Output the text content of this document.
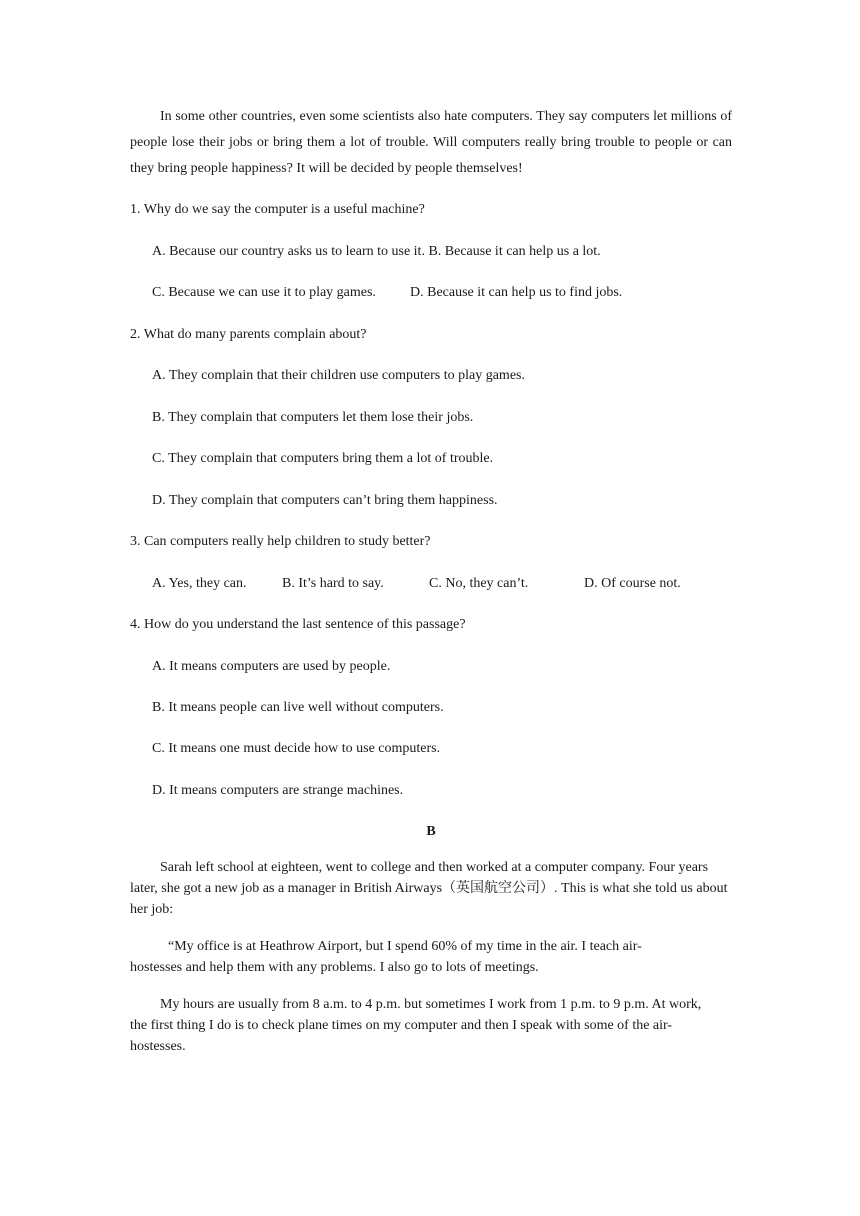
In some other countries, even some scientists also hate computers. They say computers let millions of people lose their jobs or bring them a lot of trouble. Will computers really bring trouble to people or can they bring people happiness? It will be decided by people themselves!

1. Why do we say the computer is a useful machine?
A. Because our country asks us to learn to use it. B. Because it can help us a lot.
C. Because we can use it to play games. D. Because it can help us to find jobs.
2. What do many parents complain about?
A. They complain that their children use computers to play games.
B. They complain that computers let them lose their jobs.
C. They complain that computers bring them a lot of trouble.
D. They complain that computers can’t bring them happiness.
3. Can computers really help children to study better?
A. Yes, they can.	B. It’s hard to say.	C. No, they can’t.	D. Of course not.
4. How do you understand the last sentence of this passage?
A. It means computers are used by people.
B. It means people can live well without computers.
C. It means one must decide how to use computers.
D. It means computers are strange machines.
B
Sarah left school at eighteen, went to college and then worked at a computer company. Four years later, she got a new job as a manager in British Airways（英国航空公司）. This is what she told us about her job:
“My office is at Heathrow Airport, but I spend 60% of my time in the air. I teach air-hostesses and help them with any problems. I also go to lots of meetings.
My hours are usually from 8 a.m. to 4 p.m. but sometimes I work from 1 p.m. to 9 p.m. At work, the first thing I do is to check plane times on my computer and then I speak with some of the air-hostesses.
